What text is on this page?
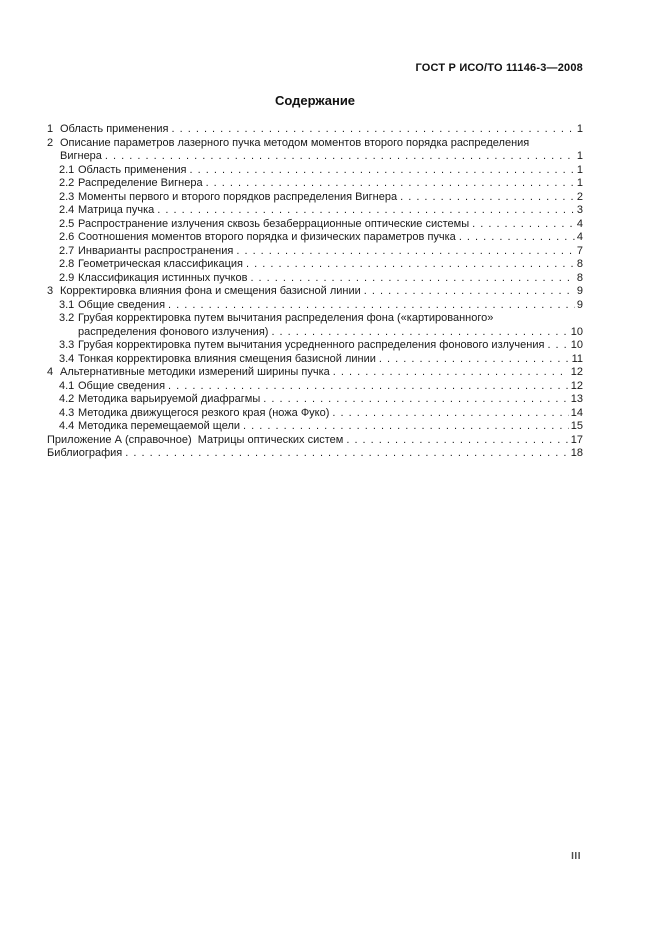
ГОСТ Р ИСО/ТО 11146-3—2008
Содержание
1 Область применения . .	1
2 Описание параметров лазерного пучка методом моментов второго порядка распределения
Вигнера . .	1
2.1 Область применения . .	1
2.2 Распределение Вигнера . .	1
2.3 Моменты первого и второго порядков распределения Вигнера . .	2
2.4 Матрица пучка . .	3
2.5 Распространение излучения сквозь безаберрационные оптические системы . .	4
2.6 Соотношения моментов второго порядка и физических параметров пучка . .	4
2.7 Инварианты распространения . .	7
2.8 Геометрическая классификация . .	8
2.9 Классификация истинных пучков . .	8
3 Корректировка влияния фона и смещения базисной линии . .	9
3.1 Общие сведения . .	9
3.2 Грубая корректировка путем вычитания распределения фона («картированного»
распределения фонового излучения) . .	10
3.3 Грубая корректировка путем вычитания усредненного распределения фонового излучения . . 10
3.4 Тонкая корректировка влияния смещения базисной линии . .	11
4 Альтернативные методики измерений ширины пучка . .	12
4.1 Общие сведения . .	12
4.2 Методика варьируемой диафрагмы . .	13
4.3 Методика движущегося резкого края (ножа Фуко) . .	14
4.4 Методика перемещаемой щели . .	15
Приложение А (справочное)  Матрицы оптических систем . .	17
Библиография . .	18
III
